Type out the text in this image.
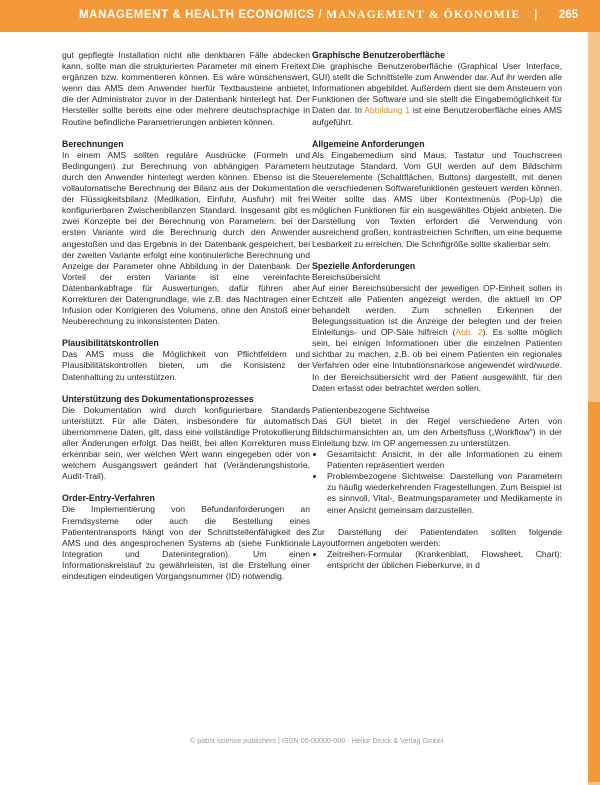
MANAGEMENT & HEALTH ECONOMICS / MANAGEMENT & ÖKONOMIE | 265

gut gepflegte Installation nicht alle denkbaren Fälle abdecken kann, sollte man die strukturierten Parameter mit einem Freitext ergänzen bzw. kommentieren können. Es wäre wünschenswert, wenn das AMS dem Anwender hierfür Textbausteine anbietet, die der Administrator zuvor in der Datenbank hinterlegt hat. Der Hersteller sollte bereits eine oder mehrere deutschsprachige in Routine befindliche Parametrierungen anbieten können.

Berechnungen

In einem AMS sollten reguläre Ausdrücke (Formeln und Bedingungen) zur Berechnung von abhängigen Parametern durch den Anwender hinterlegt werden können. Ebenso ist die vollautomatische Berechnung der Bilanz aus der Dokumentation der Flüssigkeitsbilanz (Medikation, Einfuhr, Ausfuhr) mit frei konfigurierbaren Zwischenbilanzen Standard. Insgesamt gibt es zwei Konzepte bei der Berechnung von Parametern: bei der ersten Variante wird die Berechnung durch den Anwender angestoßen und das Ergebnis in der Datenbank gespeichert, bei der zweiten Variante erfolgt eine kontinuierliche Berechnung und Anzeige der Parameter ohne Abbildung in der Datenbank. Der Vorteil der ersten Variante ist eine vereinfachte Datenbankabfrage für Auswertungen, dafür führen aber Korrekturen der Datengrundlage, wie z.B. das Nachtragen einer Infusion oder Korrigieren des Volumens, ohne den Anstoß einer Neuberechnung zu inkonsistenten Daten.

Plausibilitätskontrollen

Das AMS muss die Möglichkeit von Pflichtfeldern und Plausibilitätskontrollen bieten, um die Konsistenz der Datenhaltung zu unterstützen.

Unterstützung des Dokumentationsprozesses

Die Dokumentation wird durch konfigurierbare Standards unterstützt. Für alle Daten, insbesondere für automatisch übernommene Daten, gilt, dass eine vollständige Protokollierung aller Änderungen erfolgt. Das heißt, bei allen Korrekturen muss erkennbar sein, wer welchen Wert wann eingegeben oder von welchem Ausgangswert geändert hat (Veränderungshistorie, Audit-Trail).

Order-Entry-Verfahren

Die Implementierung von Befundanforderungen an Fremdsysteme oder auch die Bestellung eines Patiententransports hängt von der Schnittstellenfähigkeit des AMS und des angesprochenen Systems ab (siehe Funktionale Integration und Datenintegration). Um einen Informationskreislauf zu gewährleisten, ist die Erstellung einer eindeutigen eindeutigen Vorgangsnummer (ID) notwendig.

Graphische Benutzeroberfläche

Die graphische Benutzeroberfläche (Graphical User Interface, GUI) stellt die Schnittstelle zum Anwender dar. Auf ihr werden alle Informationen abgebildet. Außerdem dient sie dem Ansteuern von Funktionen der Software und sie stellt die Eingabemöglichkeit für Daten dar. In Abbildung 1 ist eine Benutzeroberfläche eines AMS aufgeführt.

Allgemeine Anforderungen

Als Eingabemedium sind Maus, Tastatur und Touchscreen heutzutage Standard. Vom GUI werden auf dem Bildschirm Steuerelemente (Schaltflächen, Buttons) dargestellt, mit denen die verschiedenen Softwarefunktionen gesteuert werden können. Weiter sollte das AMS über Kontextmenüs (Pop-Up) die möglichen Funktionen für ein ausgewähltes Objekt anbieten. Die Darstellung von Texten erfordert die Verwendung von ausreichend großen, kontrastreichen Schriften, um eine bequeme Lesbarkeit zu erreichen. Die Schriftgröße sollte skalierbar sein.

Spezielle Anforderungen
Bereichsübersicht

Auf einer Bereichsübersicht der jeweiligen OP-Einheit sollen in Echtzeit alle Patienten angezeigt werden, die aktuell im OP behandelt werden. Zum schnellen Erkennen der Belegungssituation ist die Anzeige der belegten und der freien Einleitungs- und OP-Säle hilfreich (Abb. 2). Es sollte möglich sein, bei einigen Informationen über die einzelnen Patienten sichtbar zu machen, z.B. ob bei einem Patienten ein regionales Verfahren oder eine Intubationsnarkose angewendet wird/wurde. In der Bereichsübersicht wird der Patient ausgewählt, für den Daten erfasst oder betrachtet werden sollen.

Patientenbezogene Sichtweise

Das GUI bietet in der Regel verschiedene Arten von Bildschirmansichten an, um den Arbeitsfluss („Workflow") in der Einleitung bzw. im OP angemessen zu unterstützen.

• Gesamtsicht: Ansicht, in der alle Informationen zu einem Patienten repräsentiert werden
• Problembezogene Sichtweise: Darstellung von Parametern zu häufig wiederkehrenden Fragestellungen. Zum Beispiel ist es sinnvoll, Vital-, Beatmungsparameter und Medikamente in einer Ansicht gemeinsam darzustellen.

Zur Darstellung der Patientendaten sollten folgende Layoutformen angeboten werden:

• Zeitreihen-Formular (Krankenblatt, Flowsheet, Chart): entspricht der üblichen Fieberkurve, in d
© pabst science publishers | ISSN 00-00000-000 · Hellor Druck & Verlag GmbH
